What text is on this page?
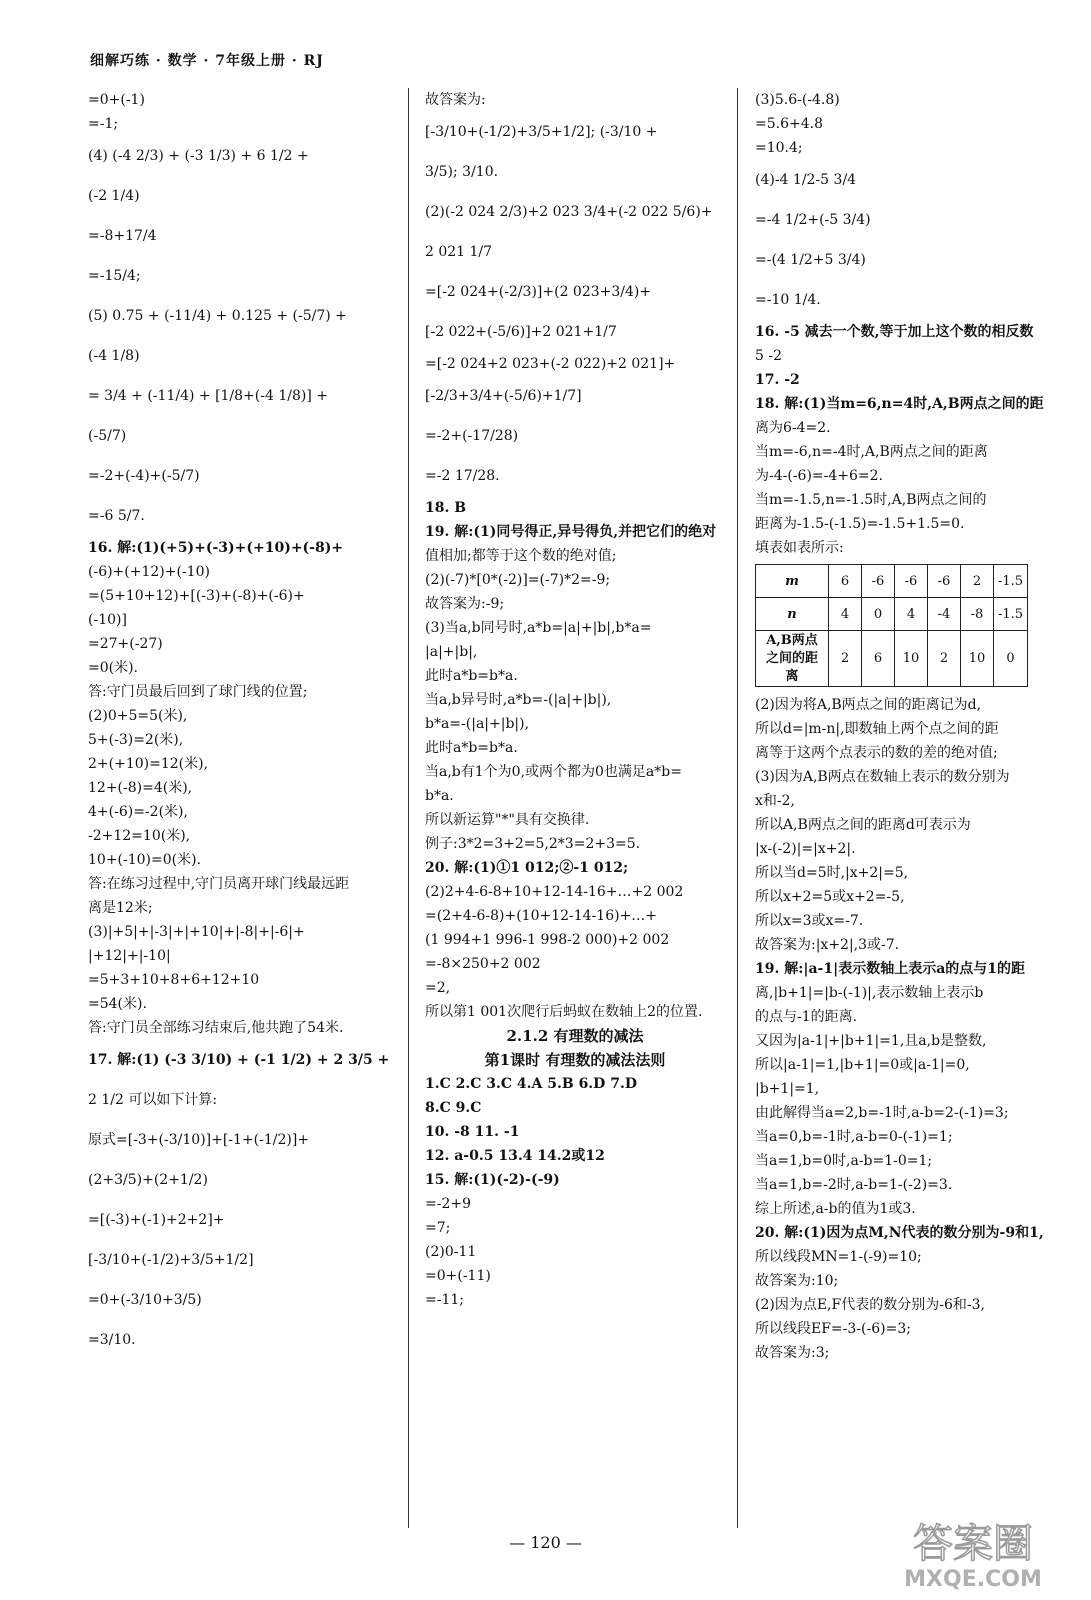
细解巧练 · 数学 · 7年级上册 · RJ
=0+(-1)
=-1;
(4) (-4 2/3) + (-3 1/3) + 6 1/2 +
(-2 1/4)
=-8+17/4
=-15/4;
(5) 0.75 + (-11/4) + 0.125 + (-5/7) +
(-4 1/8)
= 3/4 + (-11/4) + [1/8+(-4 1/8)] +
(-5/7)
=-2+(-4)+(-5/7)
=-6 5/7.
16. 解:(1)(+5)+(-3)+(+10)+(-8)+
(-6)+(+12)+(-10)
=(5+10+12)+[(-3)+(-8)+(-6)+
(-10)]
=27+(-27)
=0(米).
答:守门员最后回到了球门线的位置;
(2)0+5=5(米),
5+(-3)=2(米),
2+(+10)=12(米),
12+(-8)=4(米),
4+(-6)=-2(米),
-2+12=10(米),
10+(-10)=0(米).
答:在练习过程中,守门员离开球门线最远距
离是12米;
(3)|+5|+|-3|+|+10|+|-8|+|-6|+
|+12|+|-10|
=5+3+10+8+6+12+10
=54(米).
答:守门员全部练习结束后,他共跑了54米.
17. 解:(1) (-3 3/10) + (-1 1/2) + 2 3/5 +
2 1/2 可以如下计算:
原式=[-3+(-3/10)]+[-1+(-1/2)]+
(2+3/5)+(2+1/2)
=[(-3)+(-1)+2+2]+
[-3/10+(-1/2)+3/5+1/2]
=0+(-3/10+3/5)
=3/10.
故答案为:
[-3/10+(-1/2)+3/5+1/2]; (-3/10 +
3/5); 3/10.
(2)(-2 024 2/3)+2 023 3/4+(-2 022 5/6)+
2 021 1/7
=[-2 024+(-2/3)]+(2 023+3/4)+
[-2 022+(-5/6)]+2 021+1/7
=[-2 024+2 023+(-2 022)+2 021]+
[-2/3+3/4+(-5/6)+1/7]
=-2+(-17/28)
=-2 17/28.
18. B
19. 解:(1)同号得正,异号得负,并把它们的绝对
值相加;都等于这个数的绝对值;
(2)(-7)*[0*(-2)]=(-7)*2=-9;
故答案为:-9;
(3)当a,b同号时,a*b=|a|+|b|,b*a=
|a|+|b|,
此时a*b=b*a.
当a,b异号时,a*b=-(|a|+|b|),
b*a=-(|a|+|b|),
此时a*b=b*a.
当a,b有1个为0,或两个都为0也满足a*b=
b*a.
所以新运算"*"具有交换律.
例子:3*2=3+2=5,2*3=2+3=5.
20. 解:(1)①1 012;②-1 012;
(2)2+4-6-8+10+12-14-16+…+2 002
=(2+4-6-8)+(10+12-14-16)+…+
(1 994+1 996-1 998-2 000)+2 002
=-8×250+2 002
=2,
所以第1 001次爬行后蚂蚁在数轴上2的位置.
2.1.2 有理数的减法
第1课时 有理数的减法法则
1.C 2.C 3.C 4.A 5.B 6.D 7.D
8.C 9.C
10. -8 11. -1
12. a-0.5 13.4 14.2或12
15. 解:(1)(-2)-(-9)
=-2+9
=7;
(2)0-11
=0+(-11)
=-11;
(3)5.6-(-4.8)
=5.6+4.8
=10.4;
(4)-4 1/2-5 3/4
=-4 1/2+(-5 3/4)
=-(4 1/2+5 3/4)
=-10 1/4.
16. -5 减去一个数,等于加上这个数的相反数
5 -2
17. -2
18. 解:(1)当m=6,n=4时,A,B两点之间的距
离为6-4=2.
当m=-6,n=-4时,A,B两点之间的距离
为-4-(-6)=-4+6=2.
当m=-1.5,n=-1.5时,A,B两点之间的
距离为-1.5-(-1.5)=-1.5+1.5=0.
填表如表所示:
m	6	-6	-6	-6	2	-1.5
n	4	0	4	-4	-8	-1.5
A,B两点之间的距离	2	6	10	2	10	0
(2)因为将A,B两点之间的距离记为d,
所以d=|m-n|,即数轴上两个点之间的距
离等于这两个点表示的数的差的绝对值;
(3)因为A,B两点在数轴上表示的数分别为
x和-2,
所以A,B两点之间的距离d可表示为
|x-(-2)|=|x+2|.
所以当d=5时,|x+2|=5,
所以x+2=5或x+2=-5,
所以x=3或x=-7.
故答案为:|x+2|,3或-7.
19. 解:|a-1|表示数轴上表示a的点与1的距
离,|b+1|=|b-(-1)|,表示数轴上表示b
的点与-1的距离.
又因为|a-1|+|b+1|=1,且a,b是整数,
所以|a-1|=1,|b+1|=0或|a-1|=0,
|b+1|=1,
由此解得当a=2,b=-1时,a-b=2-(-1)=3;
当a=0,b=-1时,a-b=0-(-1)=1;
当a=1,b=0时,a-b=1-0=1;
当a=1,b=-2时,a-b=1-(-2)=3.
综上所述,a-b的值为1或3.
20. 解:(1)因为点M,N代表的数分别为-9和1,
所以线段MN=1-(-9)=10;
故答案为:10;
(2)因为点E,F代表的数分别为-6和-3,
所以线段EF=-3-(-6)=3;
故答案为:3;
— 120 —	答案圈
MXQE.COM
